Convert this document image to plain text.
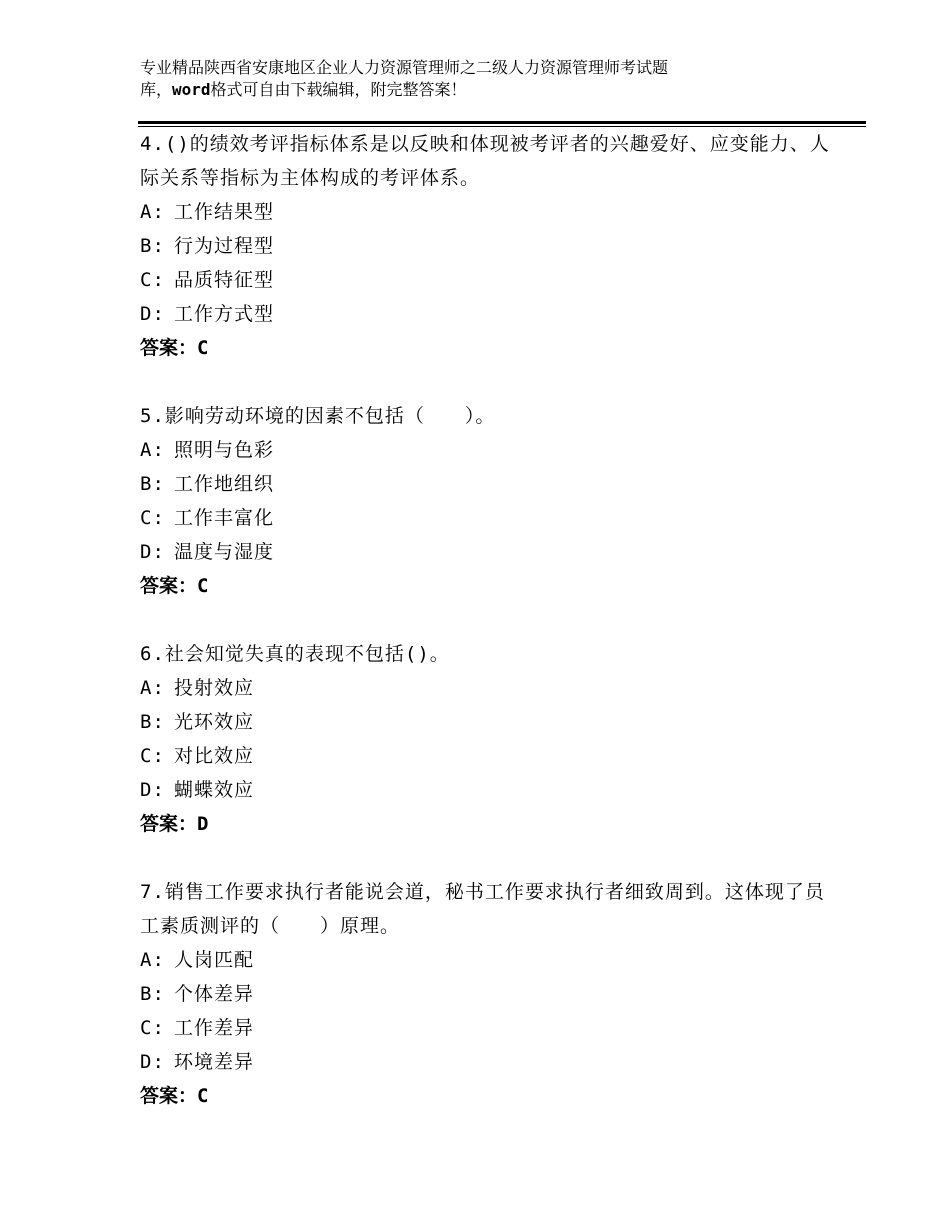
专业精品陕西省安康地区企业人力资源管理师之二级人力资源管理师考试题
库，word格式可自由下载编辑，附完整答案！
4.()的绩效考评指标体系是以反映和体现被考评者的兴趣爱好、应变能力、人际关系等指标为主体构成的考评体系。
A: 工作结果型
B: 行为过程型
C: 品质特征型
D: 工作方式型
答案：C
5.影响劳动环境的因素不包括（　　）。
A: 照明与色彩
B: 工作地组织
C: 工作丰富化
D: 温度与湿度
答案：C
6.社会知觉失真的表现不包括()。
A: 投射效应
B: 光环效应
C: 对比效应
D: 蝴蝶效应
答案：D
7.销售工作要求执行者能说会道，秘书工作要求执行者细致周到。这体现了员工素质测评的（　　）原理。
A: 人岗匹配
B: 个体差异
C: 工作差异
D: 环境差异
答案：C
